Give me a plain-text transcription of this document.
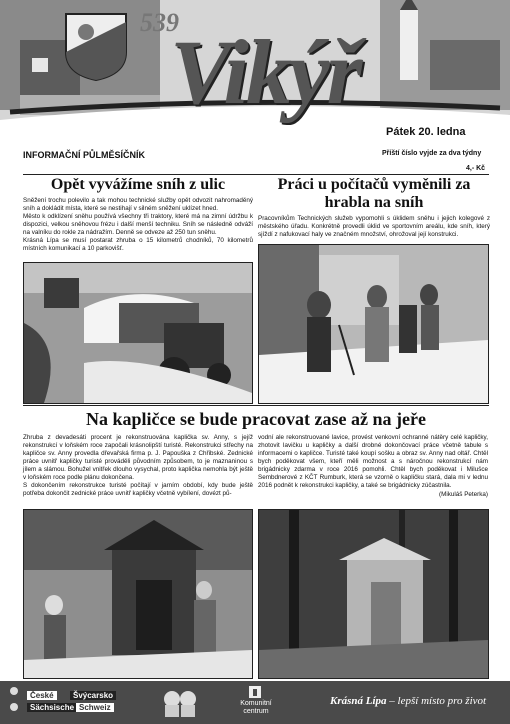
539
Vikýř
Pátek 20. ledna
INFORMAČNÍ PŮLMĚSÍČNÍK	Příští číslo vyjde za dva týdny
4,- Kč
Opět vyvážíme sníh z ulic

Sněžení trochu polevilo a tak mohou technické služby opět odvozit nahromaděný sníh a dokládit místa, které se nestihají v silném sněžení uklízet hned.

Město k odklízení sněhu používá všechny tři traktory, které má na zimní údržbu k dispozici, velkou sněhovou frézu i další menší techniku. Sníh se následně odváží na valníku do rokle za nádražím. Denně se odveze až 250 tun sněhu.

Krásná Lípa se musí postarat zhruba o 15 kilometrů chodníků, 70 kilometrů místních komunikací a 10 parkovišť.

Práci u počítačů vyměnili za hrabla na sníh

Pracovníkům Technických služeb vypomohli s úklidem sněhu i jejich kolegové z městského úřadu. Konkrétně provedli úklid ve sportovním areálu, kde sníh, který sjíždí z nafukovací haly ve značném množství, ohrožoval její konstrukci.

Na kapličce se bude pracovat zase až na jeře

Zhruba z devadesáti procent je rekonstruována kaplička sv. Anny, s jejíž rekonstrukcí v loňském roce započali krásnolipští turisté. Rekonstrukci střechy na kapličce sv. Anny provedla dřevařská firma p. J. Papouška z Chřibské. Zednické práce uvnitř kapličky turisté prováděli původním způsobem, to je maznaninou s jílem a slámou. Bohužel vnitřek dlouho vysychal, proto kaplička nemohla být ještě v loňském roce podle plánu dokončena.

S dokončením rekonstrukce turisté počítají v jarním období, kdy bude ještě potřeba dokončit zednické práce uvnitř kapličky včetně vybílení, dovézt pů-

vodní ale rekonstruované lavice, provést venkovní ochranné nátěry celé kapličky, zhotovit lavičku u kapličky a další drobné dokončovací práce včetně tabule s informacemi o kapličce. Turisté také koupí sošku a obraz sv. Anny nad oltář. Chtěl bych poděkovat všem, kteří měli možnost a s náročnou rekonstrukcí nám brigádnicky zdarma v roce 2016 pomohli. Chtěl bych poděkovat i Milušce Sembdnerové z KČT Rumburk, která se vzorně o kapličku stará, dala mi v lednu 2016 podnět k rekonstrukci kapličky, a také se brigádnicky zúčastnila.

(Mikuláš Peterka)

České	Švýcarsko
Sächsische Schweiz	Komunitní
centrum
Krásná Lípa – lepší místo pro život
